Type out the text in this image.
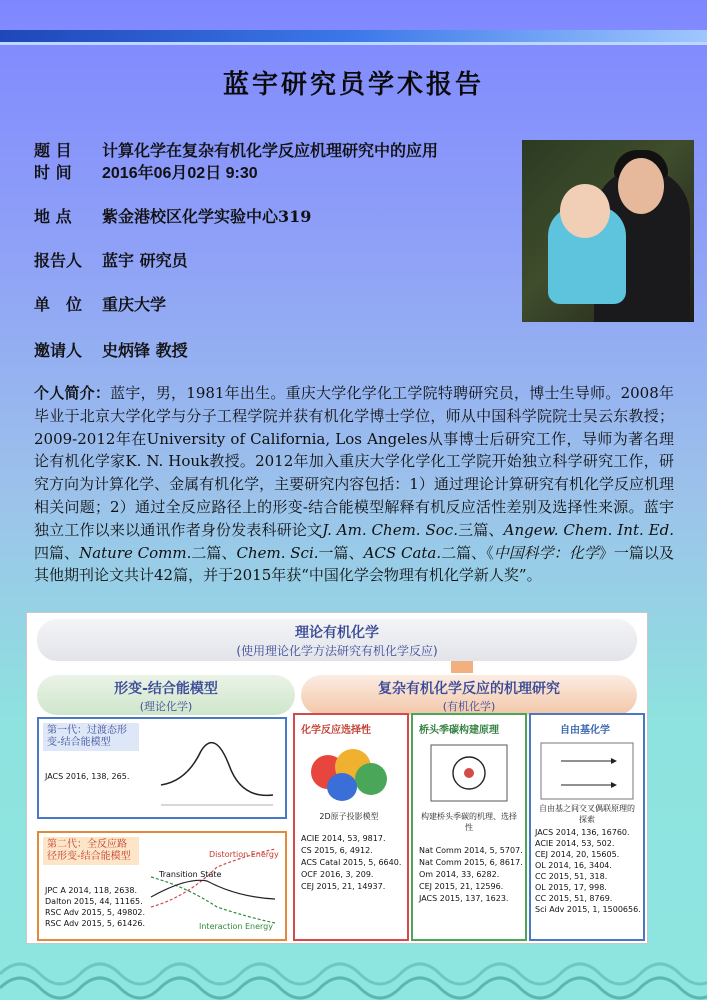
蓝宇研究员学术报告
题 目 计算化学在复杂有机化学反应机理研究中的应用
时 间 2016年06月02日 9:30
地 点 紫金港校区化学实验中心319
报告人 蓝宇 研究员
单　位 重庆大学
邀请人 史炳锋 教授
个人简介：蓝宇，男，1981年出生。重庆大学化学化工学院特聘研究员，博士生导师。2008年毕业于北京大学化学与分子工程学院并获有机化学博士学位，师从中国科学院院士吴云东教授；2009-2012年在University of California, Los Angeles从事博士后研究工作，导师为著名理论有机化学家K. N. Houk教授。2012年加入重庆大学化学化工学院开始独立科学研究工作，研究方向为计算化学、金属有机化学，主要研究内容包括：1）通过理论计算研究有机化学反应机理相关问题；2）通过全反应路径上的形变-结合能模型解释有机反应活性差别及选择性来源。蓝宇独立工作以来以通讯作者身份发表科研论文J. Am. Chem. Soc.三篇、Angew. Chem. Int. Ed.四篇、Nature Comm.二篇、Chem. Sci.一篇、ACS Cata.二篇、《中国科学：化学》一篇以及其他期刊论文共计42篇，并于2015年获“中国化学会物理有机化学新人奖”。
理论有机化学
(使用理论化学方法研究有机化学反应)
形变-结合能模型
(理论化学)
复杂有机化学反应的机理研究
(有机化学)
第一代：过渡态形变-结合能模型
JACS 2016, 138, 265.
第二代：全反应路径形变-结合能模型
JPC A 2014, 118, 2638.
Dalton 2015, 44, 11165.
RSC Adv 2015, 5, 49802.
RSC Adv 2015, 5, 61426.
Distortion Energy
Transition State
Interaction Energy
化学反应选择性
2D原子投影模型
ACIE 2014, 53, 9817.
CS 2015, 6, 4912.
ACS Catal 2015, 5, 6640.
OCF 2016, 3, 209.
CEJ 2015, 21, 14937.
桥头季碳构建原理
构建桥头季碳的机理、选择性
Nat Comm 2014, 5, 5707.
Nat Comm 2015, 6, 8617.
Om 2014, 33, 6282.
CEJ 2015, 21, 12596.
JACS 2015, 137, 1623.
自由基化学
自由基之间交叉偶联原理的探索
JACS 2014, 136, 16760.
ACIE 2014, 53, 502.
CEJ 2014, 20, 15605.
OL 2014, 16, 3404.
CC 2015, 51, 318.
OL 2015, 17, 998.
CC 2015, 51, 8769.
Sci Adv 2015, 1, 1500656.
